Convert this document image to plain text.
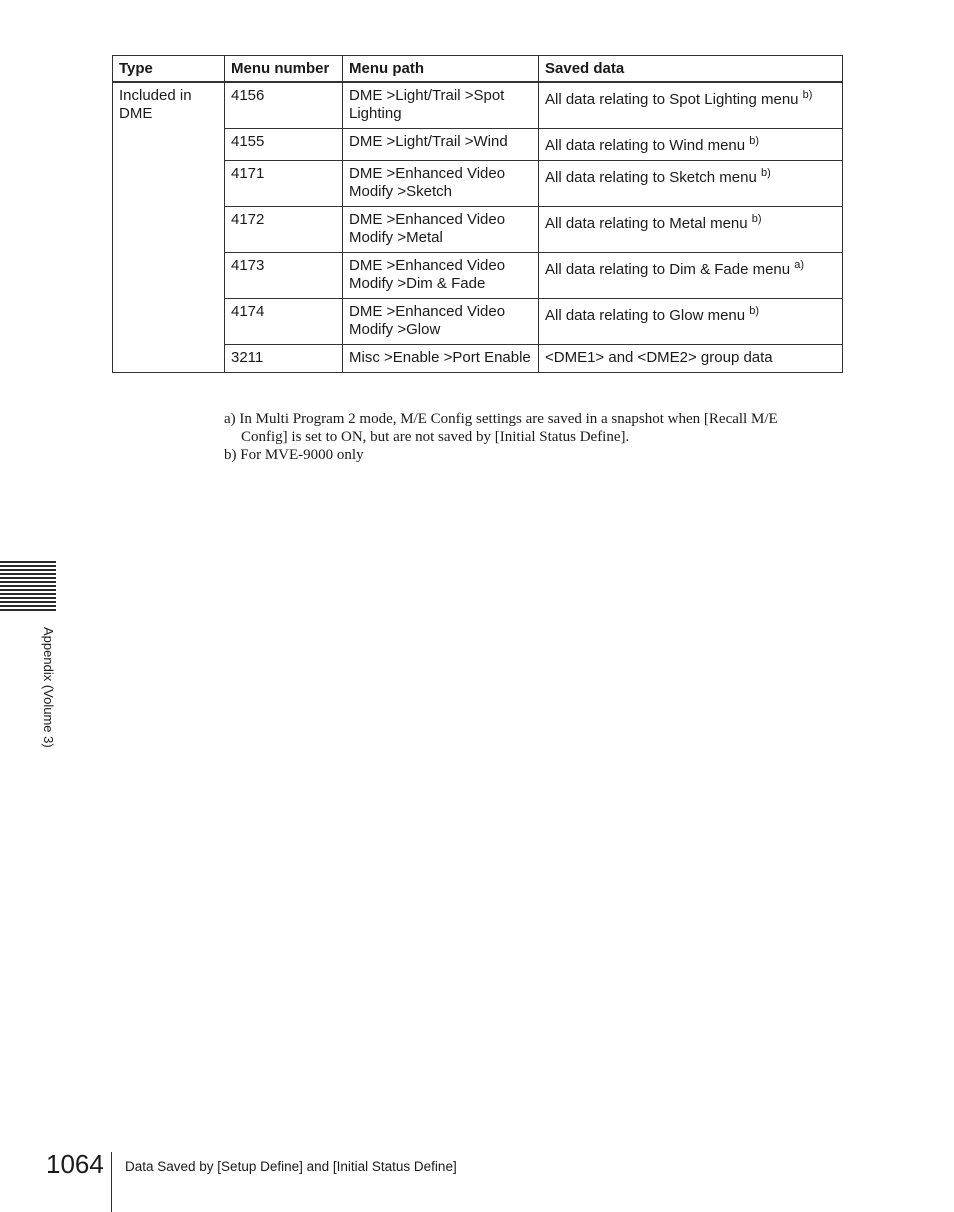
Type	Menu number	Menu path	Saved data
Included in DME	4156	DME >Light/Trail >Spot Lighting	All data relating to Spot Lighting menu $^{b)}$
	4155	DME >Light/Trail >Wind	All data relating to Wind menu $^{b)}$
	4171	DME >Enhanced Video Modify >Sketch	All data relating to Sketch menu $^{b)}$
	4172	DME >Enhanced Video Modify >Metal	All data relating to Metal menu $^{b)}$
	4173	DME >Enhanced Video Modify >Dim & Fade	All data relating to Dim & Fade menu $^{a)}$
	4174	DME >Enhanced Video Modify >Glow	All data relating to Glow menu $^{b)}$
	3211	Misc >Enable >Port Enable	<DME1> and <DME2> group data
a) In Multi Program 2 mode, M/E Config settings are saved in a snapshot when [Recall M/E Config] is set to ON, but are not saved by [Initial Status Define].
b) For MVE-9000 only
Appendix (Volume 3)
1064 Data Saved by [Setup Define] and [Initial Status Define]
